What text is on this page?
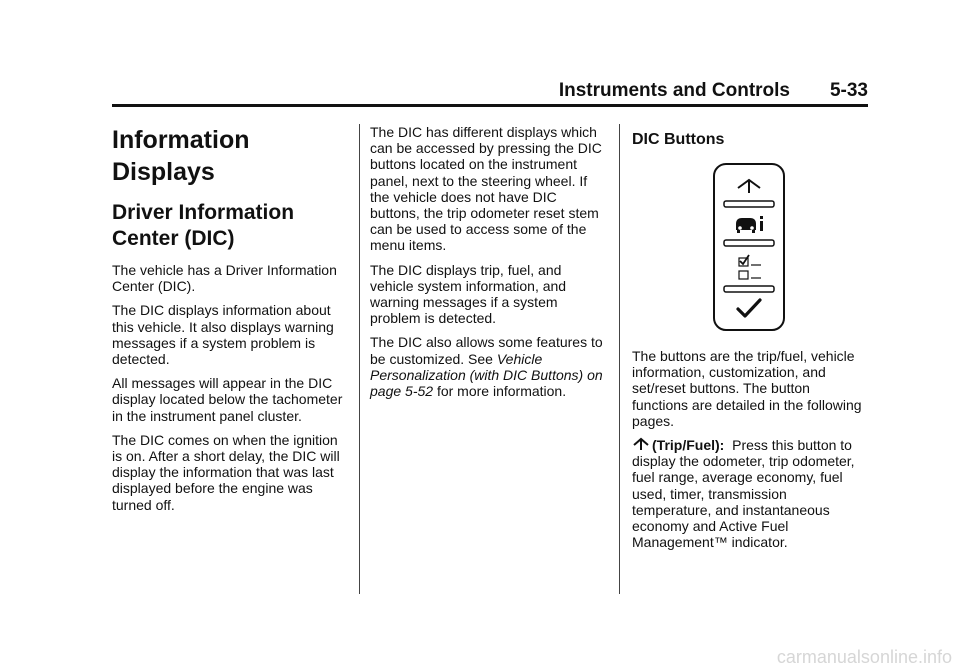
Instruments and Controls 5-33
Information Displays
Driver Information Center (DIC)

The vehicle has a Driver Information Center (DIC).

The DIC displays information about this vehicle. It also displays warning messages if a system problem is detected.

All messages will appear in the DIC display located below the tachometer in the instrument panel cluster.

The DIC comes on when the ignition is on. After a short delay, the DIC will display the information that was last displayed before the engine was turned off.

The DIC has different displays which can be accessed by pressing the DIC buttons located on the instrument panel, next to the steering wheel. If the vehicle does not have DIC buttons, the trip odometer reset stem can be used to access some of the menu items.

The DIC displays trip, fuel, and vehicle system information, and warning messages if a system problem is detected.

The DIC also allows some features to be customized. See Vehicle Personalization (with DIC Buttons) on page 5-52 for more information.

DIC Buttons

The buttons are the trip/fuel, vehicle information, customization, and set/reset buttons. The button functions are detailed in the following pages.

(Trip/Fuel): Press this button to display the odometer, trip odometer, fuel range, average economy, fuel used, timer, transmission temperature, and instantaneous economy and Active Fuel Management™ indicator.

carmanualsonline.info
